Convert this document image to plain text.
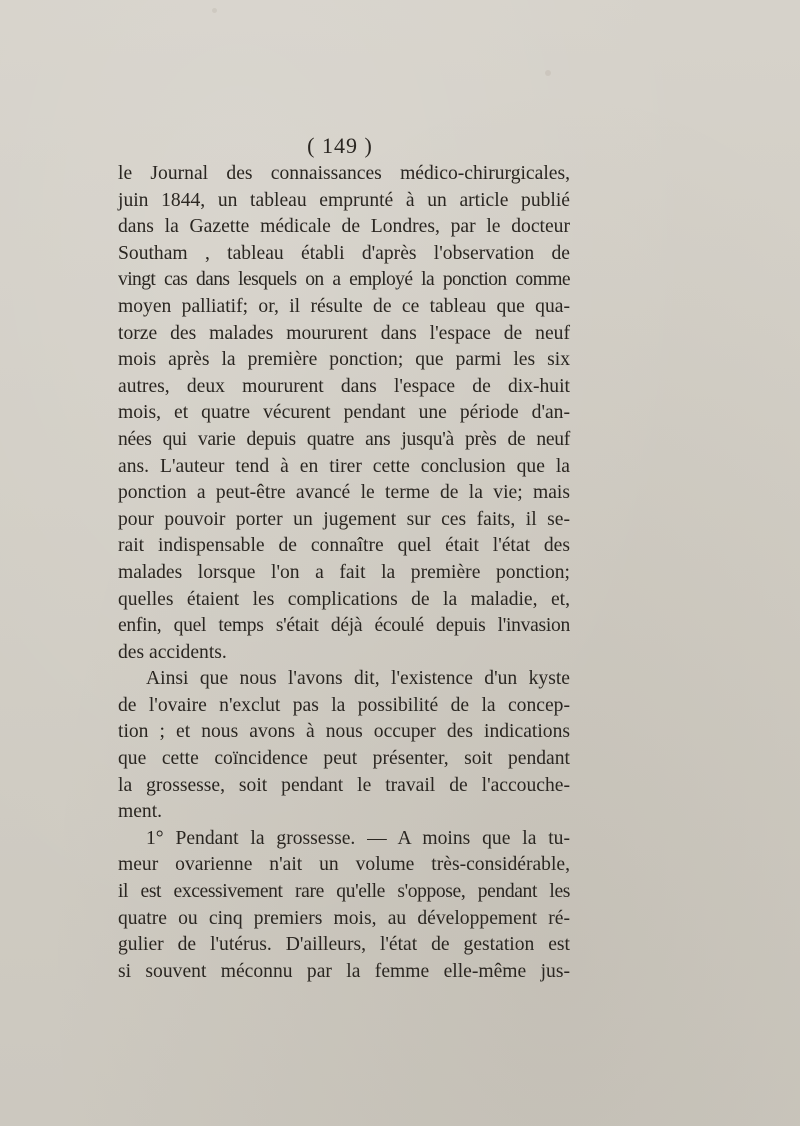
( 149 )
le Journal des connaissances médico-chirurgicales,
juin 1844, un tableau emprunté à un article publié
dans la Gazette médicale de Londres, par le docteur
Southam , tableau établi d'après l'observation de
vingt cas dans lesquels on a employé la ponction comme
moyen palliatif; or, il résulte de ce tableau que qua-
torze des malades moururent dans l'espace de neuf
mois après la première ponction; que parmi les six
autres, deux moururent dans l'espace de dix-huit
mois, et quatre vécurent pendant une période d'an-
nées qui varie depuis quatre ans jusqu'à près de neuf
ans. L'auteur tend à en tirer cette conclusion que la
ponction a peut-être avancé le terme de la vie; mais
pour pouvoir porter un jugement sur ces faits, il se-
rait indispensable de connaître quel était l'état des
malades lorsque l'on a fait la première ponction;
quelles étaient les complications de la maladie, et,
enfin, quel temps s'était déjà écoulé depuis l'invasion
des accidents.
Ainsi que nous l'avons dit, l'existence d'un kyste
de l'ovaire n'exclut pas la possibilité de la concep-
tion ; et nous avons à nous occuper des indications
que cette coïncidence peut présenter, soit pendant
la grossesse, soit pendant le travail de l'accouche-
ment.
1° Pendant la grossesse. — A moins que la tu-
meur ovarienne n'ait un volume très-considérable,
il est excessivement rare qu'elle s'oppose, pendant les
quatre ou cinq premiers mois, au développement ré-
gulier de l'utérus. D'ailleurs, l'état de gestation est
si souvent méconnu par la femme elle-même jus-
